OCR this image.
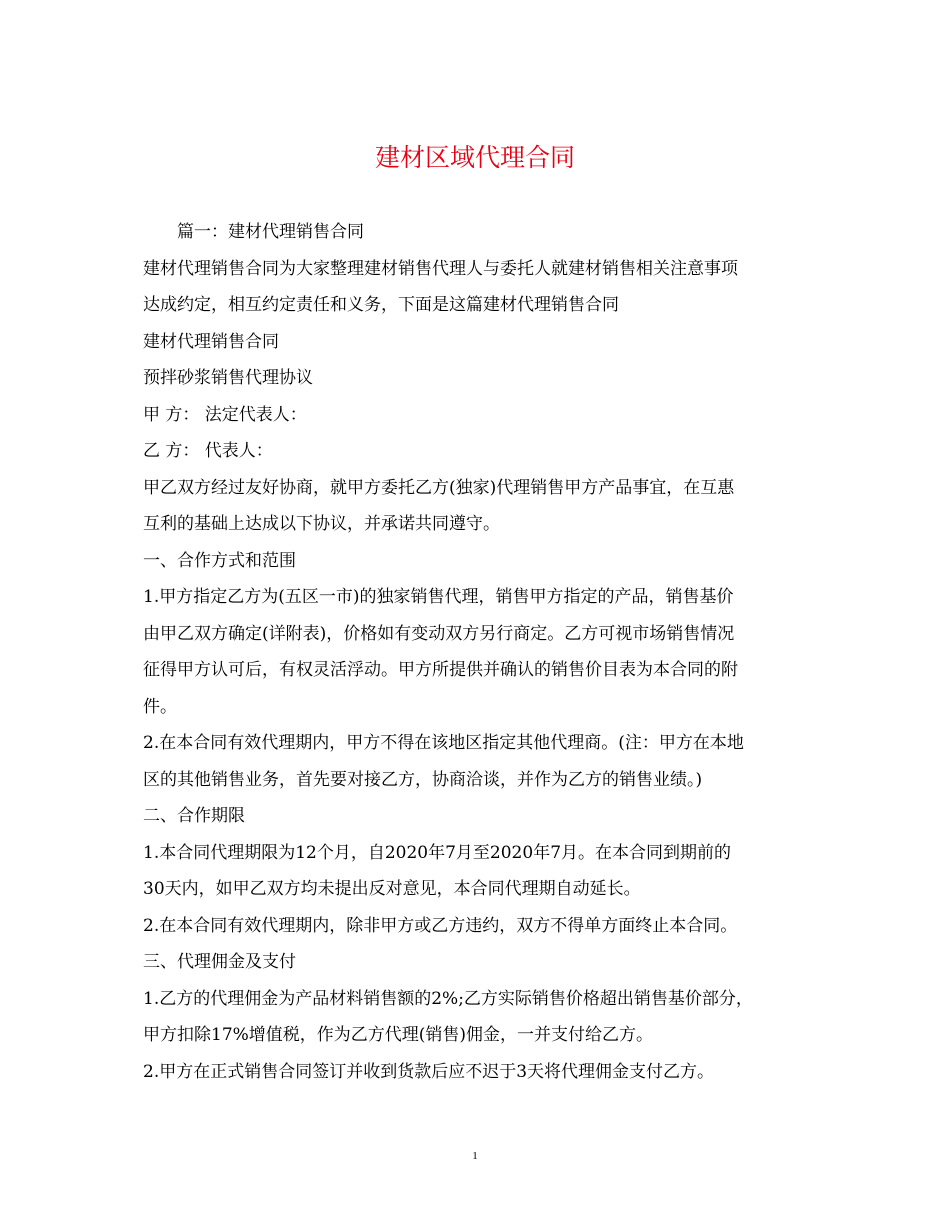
建材区域代理合同
篇一：建材代理销售合同
建材代理销售合同为大家整理建材销售代理人与委托人就建材销售相关注意事项
达成约定，相互约定责任和义务，下面是这篇建材代理销售合同
建材代理销售合同
预拌砂浆销售代理协议
甲 方： 法定代表人：
乙 方： 代表人：
甲乙双方经过友好协商，就甲方委托乙方(独家)代理销售甲方产品事宜，在互惠
互利的基础上达成以下协议，并承诺共同遵守。
一、合作方式和范围
1.甲方指定乙方为(五区一市)的独家销售代理，销售甲方指定的产品，销售基价
由甲乙双方确定(详附表)，价格如有变动双方另行商定。乙方可视市场销售情况
征得甲方认可后，有权灵活浮动。甲方所提供并确认的销售价目表为本合同的附
件。
2.在本合同有效代理期内，甲方不得在该地区指定其他代理商。(注：甲方在本地
区的其他销售业务，首先要对接乙方，协商洽谈，并作为乙方的销售业绩。)
二、合作期限
1.本合同代理期限为12个月，自2020年7月至2020年7月。在本合同到期前的
30天内，如甲乙双方均未提出反对意见，本合同代理期自动延长。
2.在本合同有效代理期内，除非甲方或乙方违约，双方不得单方面终止本合同。
三、代理佣金及支付
1.乙方的代理佣金为产品材料销售额的2%;乙方实际销售价格超出销售基价部分，
甲方扣除17%增值税，作为乙方代理(销售)佣金，一并支付给乙方。
2.甲方在正式销售合同签订并收到货款后应不迟于3天将代理佣金支付乙方。
1
